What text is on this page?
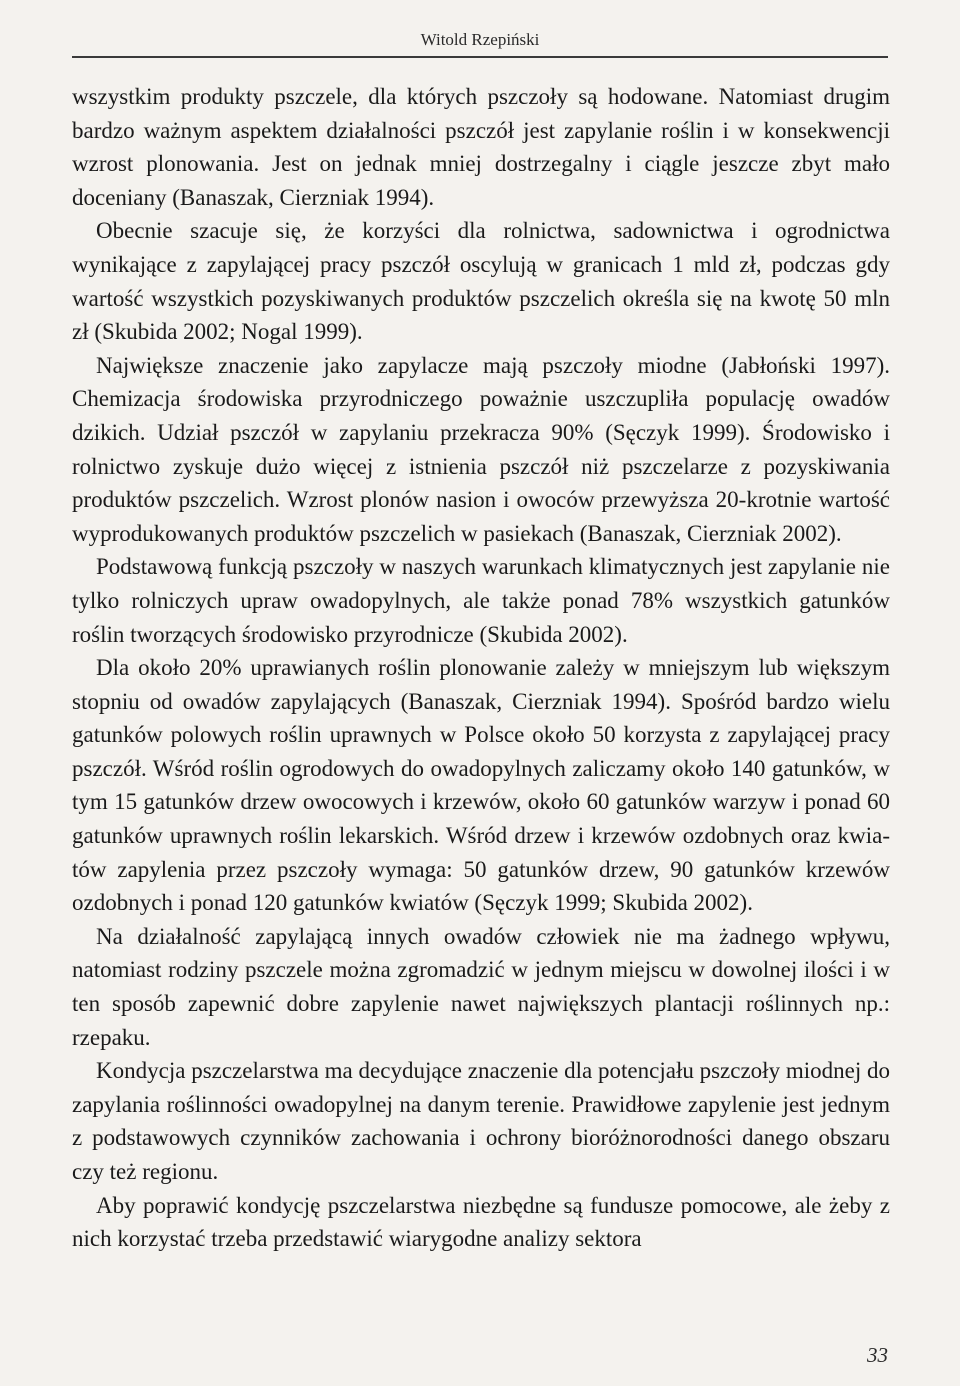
Witold Rzepiński

wszystkim produkty pszczele, dla których pszczoły są hodowane. Natomiast drugim bardzo ważnym aspektem działalności pszczół jest zapylanie roślin i w konsekwencji wzrost plonowania. Jest on jednak mniej dostrzegalny i ciągle jeszcze zbyt mało doceniany (Banaszak, Cierzniak 1994).

Obecnie szacuje się, że korzyści dla rolnictwa, sadownictwa i ogrodnictwa wynikające z zapylającej pracy pszczół oscylują w granicach 1 mld zł, podczas gdy wartość wszystkich pozyskiwanych produktów pszczelich określa się na kwotę 50 mln zł (Skubida 2002; Nogal 1999).

Największe znaczenie jako zapylacze mają pszczoły miodne (Jabłoński 1997). Chemizacja środowiska przyrodniczego poważnie uszczupliła populację owadów dzikich. Udział pszczół w zapylaniu przekracza 90% (Sęczyk 1999). Środowisko i rolnictwo zyskuje dużo więcej z istnienia pszczół niż pszczelarze z pozyskiwania produktów pszczelich. Wzrost plonów nasion i owoców przewyższa 20-krotnie wartość wyprodukowanych produktów pszczelich w pasiekach (Banaszak, Cierzniak 2002).

Podstawową funkcją pszczoły w naszych warunkach klimatycznych jest zapylanie nie tylko rolniczych upraw owadopylnych, ale także ponad 78% wszystkich gatunków roślin tworzących środowisko przyrodnicze (Skubida 2002).

Dla około 20% uprawianych roślin plonowanie zależy w mniejszym lub większym stopniu od owadów zapylających (Banaszak, Cierzniak 1994). Spośród bardzo wielu gatunków polowych roślin uprawnych w Polsce około 50 korzysta z zapylającej pracy pszczół. Wśród roślin ogrodowych do owadopylnych zaliczamy około 140 gatunków, w tym 15 gatunków drzew owocowych i krzewów, około 60 gatunków warzyw i ponad 60 gatunków uprawnych roślin lekarskich. Wśród drzew i krzewów ozdobnych oraz kwiatów zapylenia przez pszczoły wymaga: 50 gatunków drzew, 90 gatunków krzewów ozdobnych i ponad 120 gatunków kwiatów (Sęczyk 1999; Skubida 2002).

Na działalność zapylającą innych owadów człowiek nie ma żadnego wpływu, natomiast rodziny pszczele można zgromadzić w jednym miejscu w dowolnej ilości i w ten sposób zapewnić dobre zapylenie nawet największych plantacji roślinnych np.: rzepaku.

Kondycja pszczelarstwa ma decydujące znaczenie dla potencjału pszczoły miodnej do zapylania roślinności owadopylnej na danym terenie. Prawidłowe zapylenie jest jednym z podstawowych czynników zachowania i ochrony bioróżnorodności danego obszaru czy też regionu.

Aby poprawić kondycję pszczelarstwa niezbędne są fundusze pomocowe, ale żeby z nich korzystać trzeba przedstawić wiarygodne analizy sektora

33
